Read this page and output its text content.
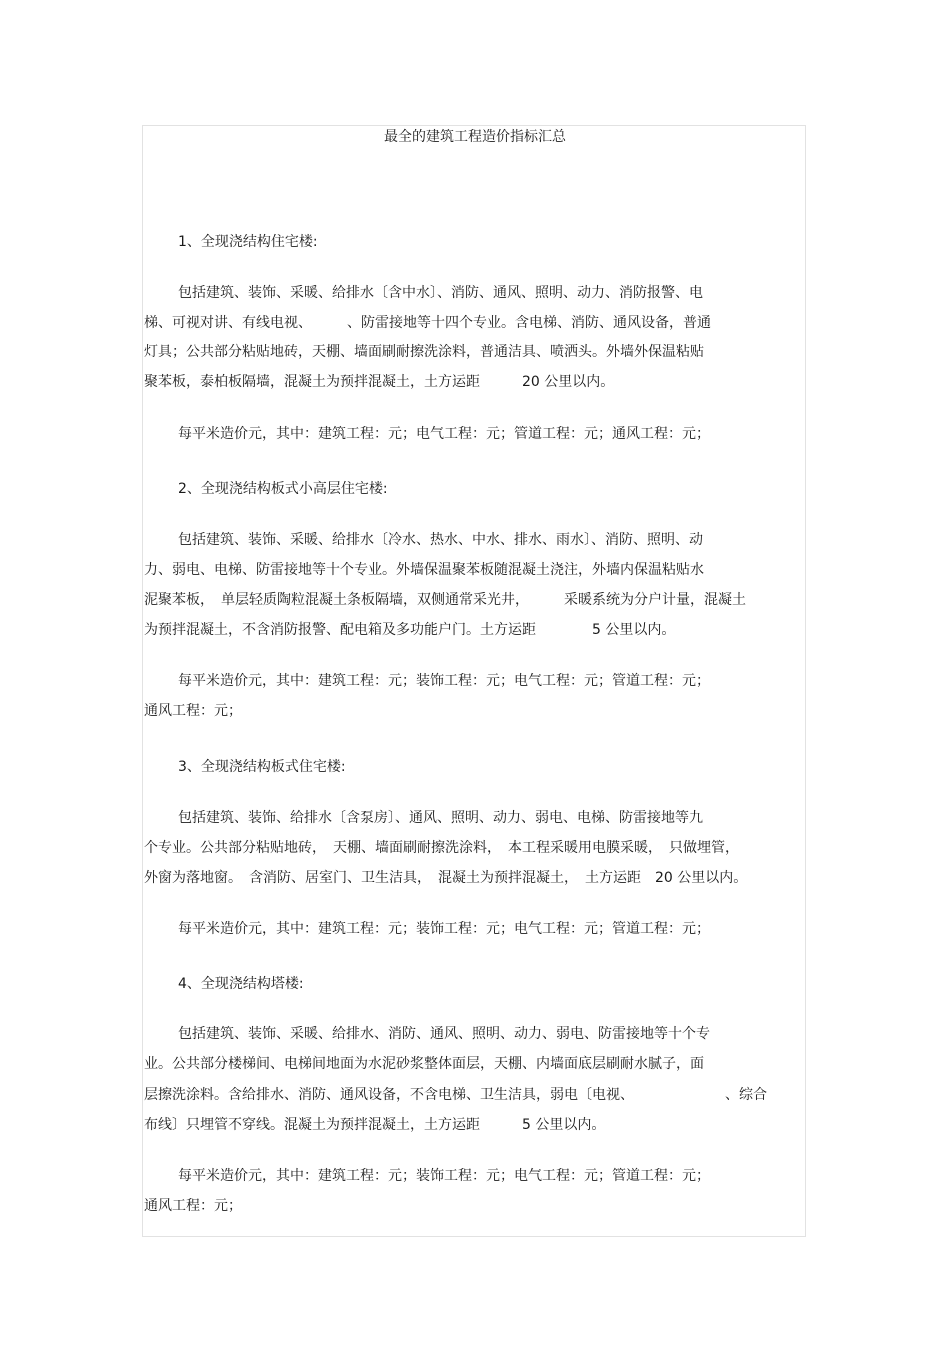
最全的建筑工程造价指标汇总
1、全现浇结构住宅楼:
包括建筑、装饰、采暖、给排水〔含中水〕、消防、通风、照明、动力、消防报警、电
梯、可视对讲、有线电视、　　　、防雷接地等十四个专业。含电梯、消防、通风设备，普通
灯具；公共部分粘贴地砖，天棚、墙面刷耐擦洗涂料，普通洁具、喷洒头。外墙外保温粘贴
聚苯板，泰柏板隔墙，混凝土为预拌混凝土，土方运距　　　20 公里以内。
每平米造价元，其中：建筑工程：元；电气工程：元；管道工程：元；通风工程：元；
2、全现浇结构板式小高层住宅楼:
包括建筑、装饰、采暖、给排水〔冷水、热水、中水、排水、雨水〕、消防、照明、动
力、弱电、电梯、防雷接地等十个专业。外墙保温聚苯板随混凝土浇注，外墙内保温粘贴水
泥聚苯板，　单层轻质陶粒混凝土条板隔墙，双侧通常采光井，　　　采暖系统为分户计量，混凝土
为预拌混凝土，不含消防报警、配电箱及多功能户门。土方运距　　　　5 公里以内。
每平米造价元，其中：建筑工程：元；装饰工程：元；电气工程：元；管道工程：元；
通风工程：元；
3、全现浇结构板式住宅楼:
包括建筑、装饰、给排水〔含泵房〕、通风、照明、动力、弱电、电梯、防雷接地等九
个专业。公共部分粘贴地砖，　天棚、墙面刷耐擦洗涂料，　本工程采暖用电膜采暖，　只做埋管，
外窗为落地窗。　含消防、居室门、卫生洁具，　混凝土为预拌混凝土，　土方运距　20 公里以内。
每平米造价元，其中：建筑工程：元；装饰工程：元；电气工程：元；管道工程：元；
4、全现浇结构塔楼:
包括建筑、装饰、采暖、给排水、消防、通风、照明、动力、弱电、防雷接地等十个专
业。公共部分楼梯间、电梯间地面为水泥砂浆整体面层，天棚、内墙面底层刷耐水腻子，面
层擦洗涂料。含给排水、消防、通风设备，不含电梯、卫生洁具，弱电〔电视、　　　　　　　、综合
布线〕只埋管不穿线。混凝土为预拌混凝土，土方运距　　　5 公里以内。
每平米造价元，其中：建筑工程：元；装饰工程：元；电气工程：元；管道工程：元；
通风工程：元；
